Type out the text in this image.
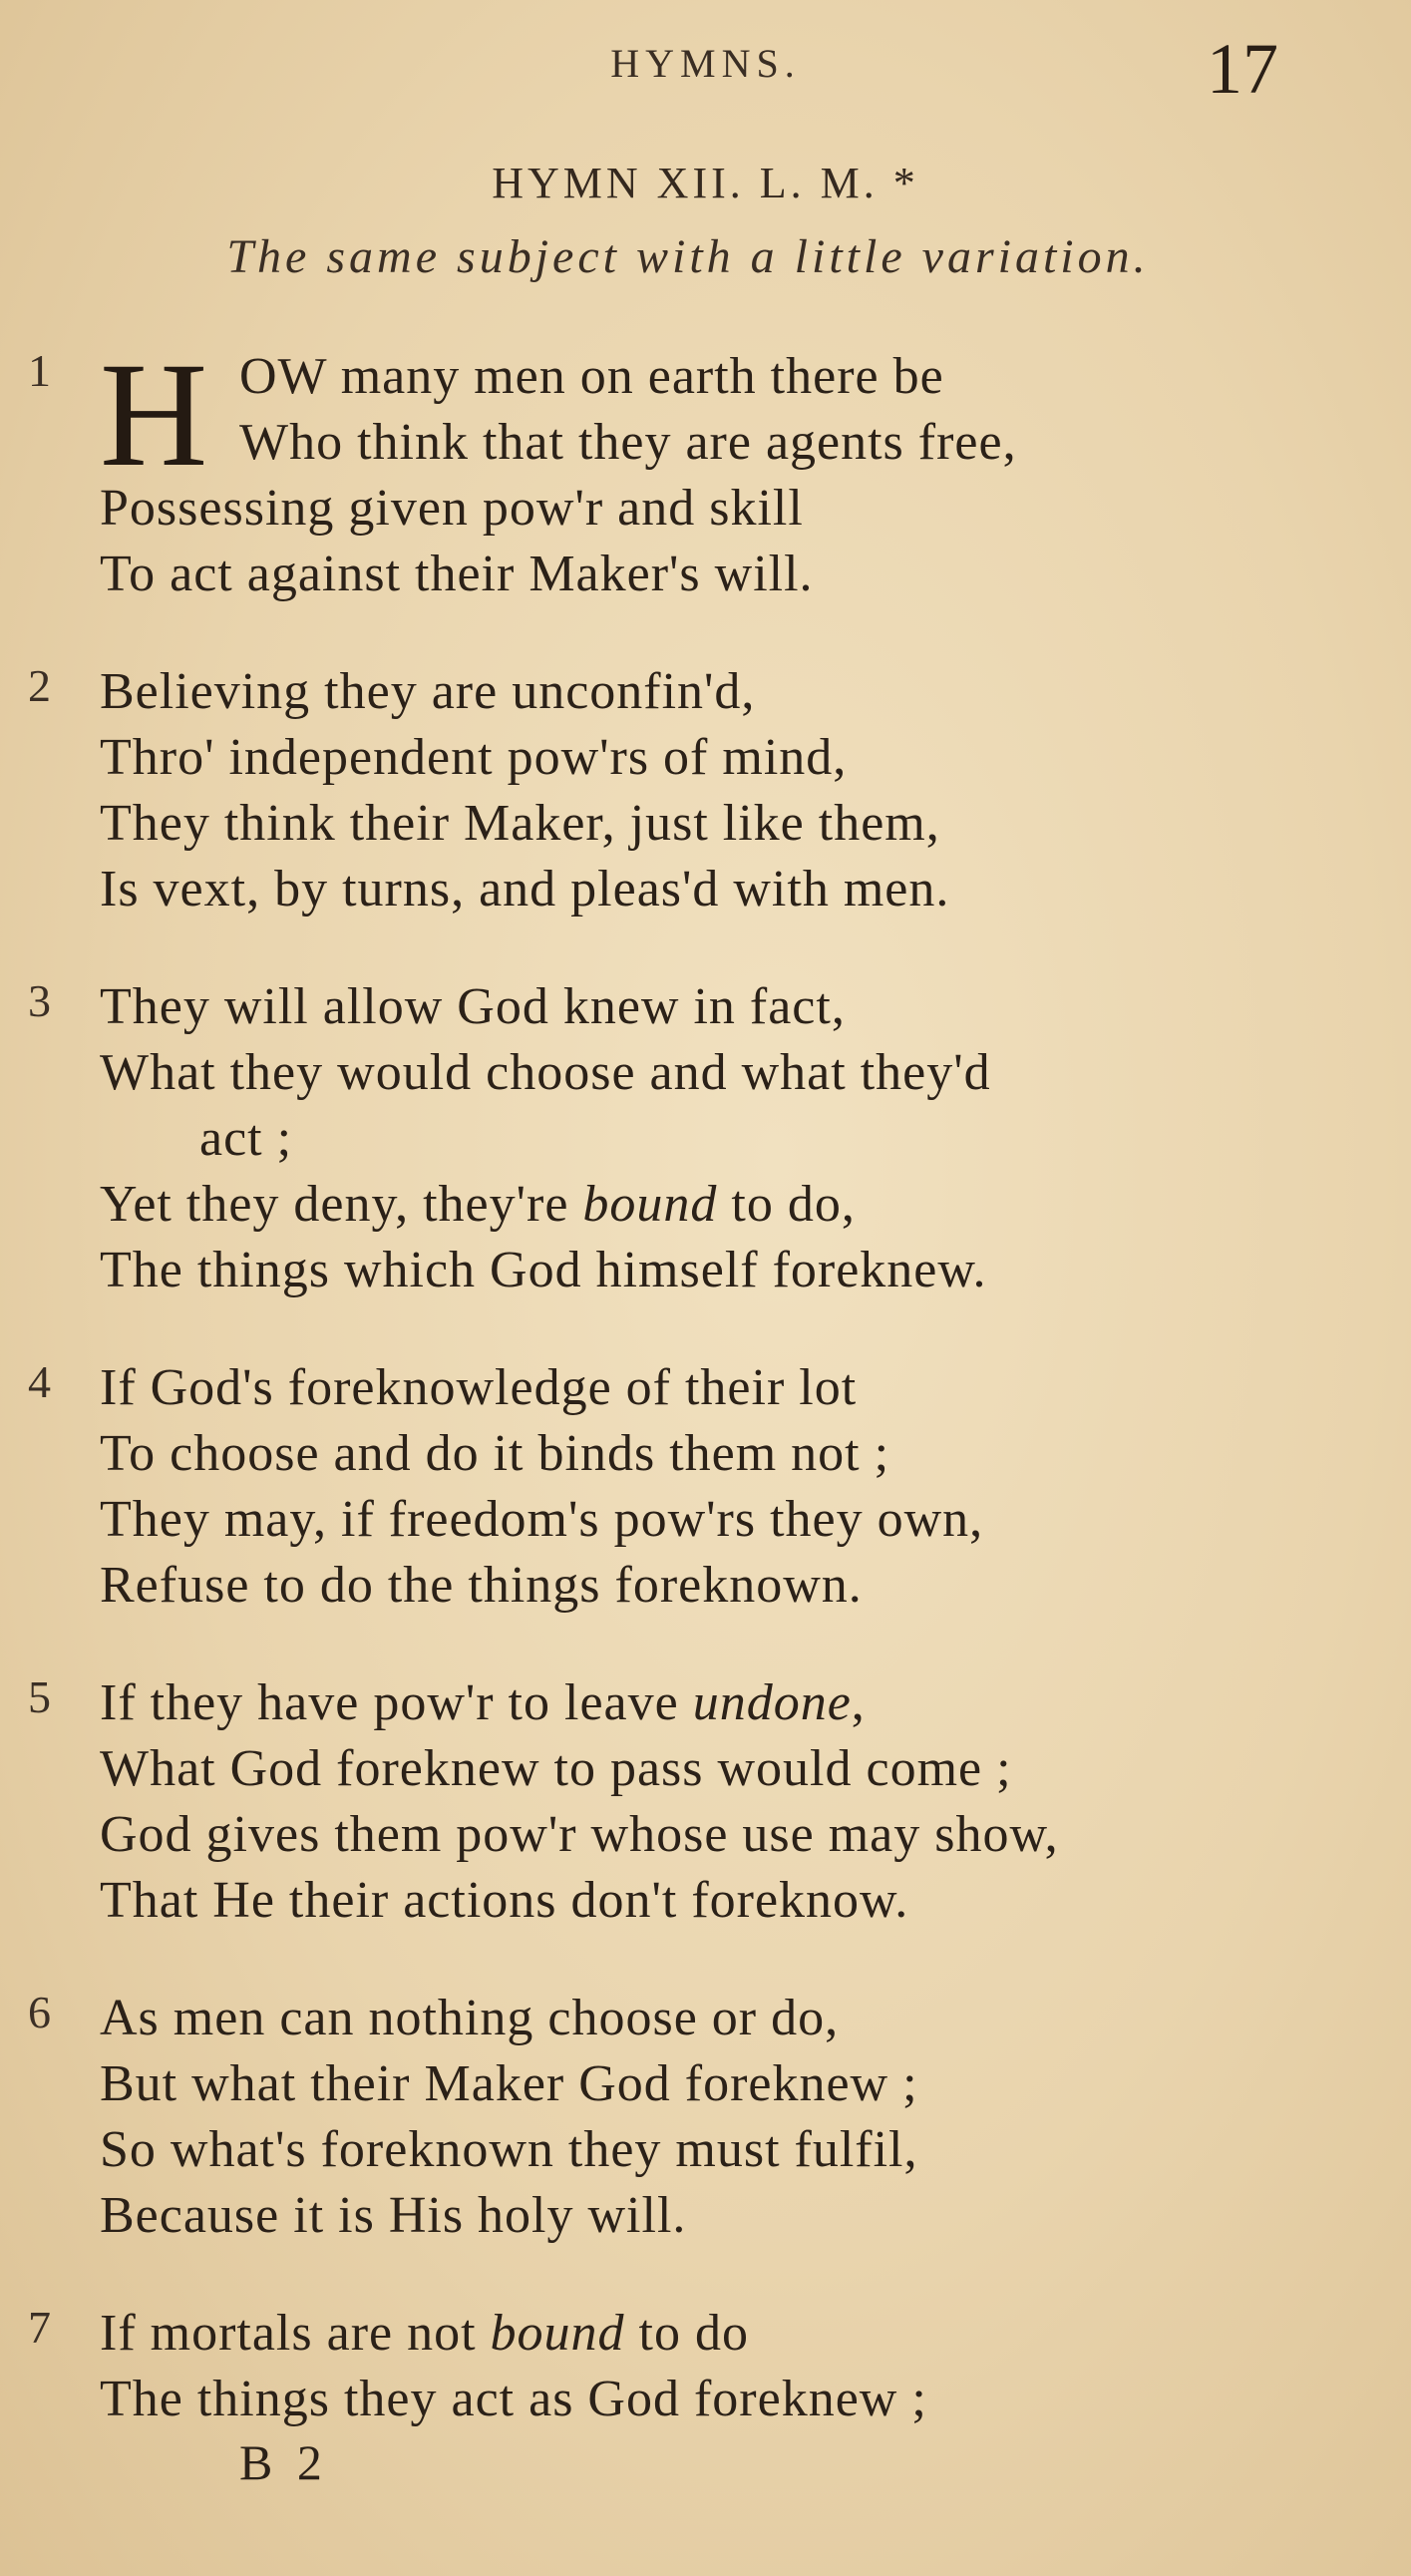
HYMNS.	17
HYMN XII. L. M. *
The same subject with a little variation.
1 H OW many men on earth there be
Who think that they are agents free,
Possessing given pow'r and skill
To act against their Maker's will.
2 Believing they are unconfin'd,
Thro' independent pow'rs of mind,
They think their Maker, just like them,
Is vext, by turns, and pleas'd with men.
3 They will allow God knew in fact,
What they would choose and what they'd
act ;
Yet they deny, they're bound to do,
The things which God himself foreknew.
4 If God's foreknowledge of their lot
To choose and do it binds them not ;
They may, if freedom's pow'rs they own,
Refuse to do the things foreknown.
5 If they have pow'r to leave undone,
What God foreknew to pass would come ;
God gives them pow'r whose use may show,
That He their actions don't foreknow.
6 As men can nothing choose or do,
But what their Maker God foreknew ;
So what's foreknown they must fulfil,
Because it is His holy will.
7 If mortals are not bound to do
The things they act as God foreknew ;
B 2
